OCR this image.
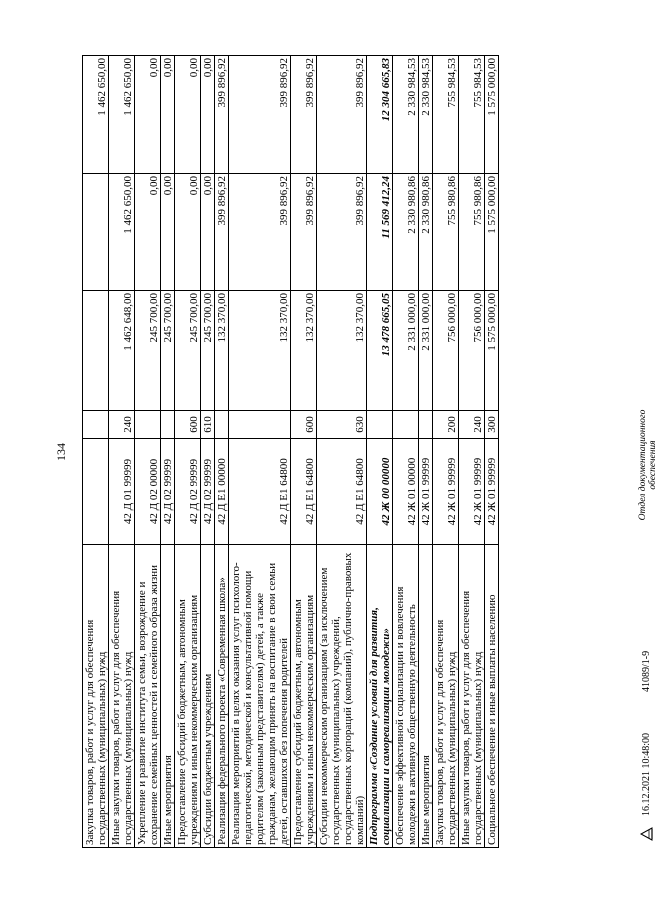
134
Закупка товаров, работ и услуг для обеспечения государственных (муниципальных) нужд					1 462 650,00
Иные закупки товаров, работ и услуг для обеспечения государственных (муниципальных) нужд	42 Д 01 99999	240	1 462 648,00	1 462 650,00	1 462 650,00
Укрепление и развитие института семьи, возрождение и сохранение семейных ценностей и семейного образа жизни	42 Д 02 00000		245 700,00	0,00	0,00
Иные мероприятия	42 Д 02 99999		245 700,00	0,00	0,00
Предоставление субсидий бюджетным, автономным учреждениям и иным некоммерческим организациям	42 Д 02 99999	600	245 700,00	0,00	0,00
Субсидии бюджетным учреждениям	42 Д 02 99999	610	245 700,00	0,00	0,00
Реализация федерального проекта «Современная школа»	42 Д Е1 00000		132 370,00	399 896,92	399 896,92
Реализация мероприятий в целях оказания услуг психолого-педагогической, методической и консультативной помощи родителям (законным представителям) детей, а также гражданам, желающим принять на воспитание в свои семьи детей, оставшихся без попечения родителей	42 Д Е1 64800		132 370,00	399 896,92	399 896,92
Предоставление субсидий бюджетным, автономным учреждениям и иным некоммерческим организациям	42 Д Е1 64800	600	132 370,00	399 896,92	399 896,92
Субсидии некоммерческим организациям (за исключением государственных (муниципальных) учреждений, государственных корпораций (компаний), публично-правовых компаний)	42 Д Е1 64800	630	132 370,00	399 896,92	399 896,92
Подпрограмма «Создание условий для развития, социализации и самореализации молодежи»	42 Ж 00 00000		13 478 665,05	11 569 412,24	12 304 665,83
Обеспечение эффективной социализации и вовлечения молодежи в активную общественную деятельность	42 Ж 01 00000		2 331 000,00	2 330 980,86	2 330 984,53
Иные мероприятия	42 Ж 01 99999		2 331 000,00	2 330 980,86	2 330 984,53
Закупка товаров, работ и услуг для обеспечения государственных (муниципальных) нужд	42 Ж 01 99999	200	756 000,00	755 980,86	755 984,53
Иные закупки товаров, работ и услуг для обеспечения государственных (муниципальных) нужд	42 Ж 01 99999	240	756 000,00	755 980,86	755 984,53
Социальное обеспечение и иные выплаты населению	42 Ж 01 99999	300	1 575 000,00	1 575 000,00	1 575 000,00
16.12.2021 10:48:00
41089/1-9
Отдел документационного обеспечения
